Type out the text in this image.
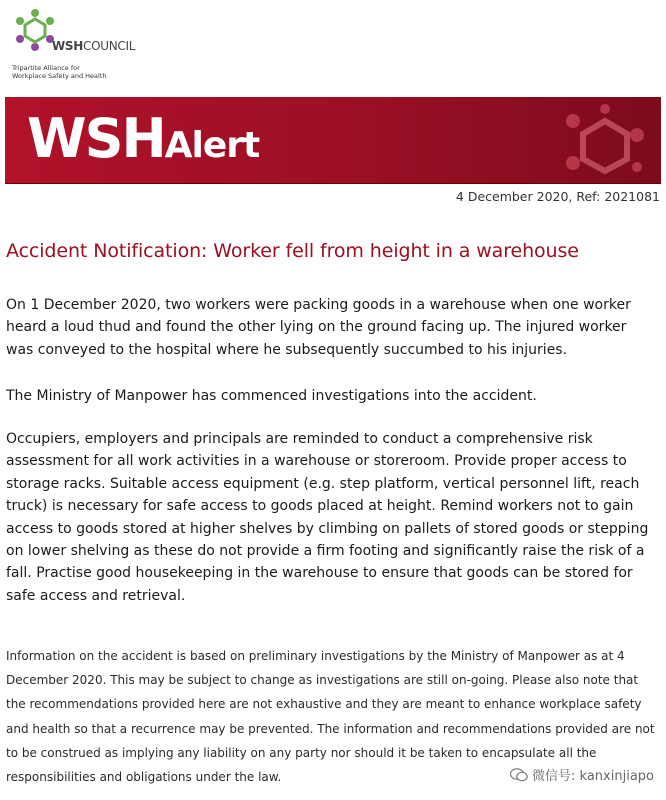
WSHCOUNCIL
Tripartite Alliance for
Workplace Safety and Health
WSHAlert
4 December 2020, Ref: 2021081
Accident Notification: Worker fell from height in a warehouse

On 1 December 2020, two workers were packing goods in a warehouse when one worker heard a loud thud and found the other lying on the ground facing up. The injured worker was conveyed to the hospital where he subsequently succumbed to his injuries.

The Ministry of Manpower has commenced investigations into the accident.

Occupiers, employers and principals are reminded to conduct a comprehensive risk assessment for all work activities in a warehouse or storeroom. Provide proper access to storage racks. Suitable access equipment (e.g. step platform, vertical personnel lift, reach truck) is necessary for safe access to goods placed at height. Remind workers not to gain access to goods stored at higher shelves by climbing on pallets of stored goods or stepping on lower shelving as these do not provide a firm footing and significantly raise the risk of a fall. Practise good housekeeping in the warehouse to ensure that goods can be stored for safe access and retrieval.

Information on the accident is based on preliminary investigations by the Ministry of Manpower as at 4 December 2020. This may be subject to change as investigations are still on-going. Please also note that the recommendations provided here are not exhaustive and they are meant to enhance workplace safety and health so that a recurrence may be prevented. The information and recommendations provided are not to be construed as implying any liability on any party nor should it be taken to encapsulate all the responsibilities and obligations under the law.	微信号: kanxinjiapo
